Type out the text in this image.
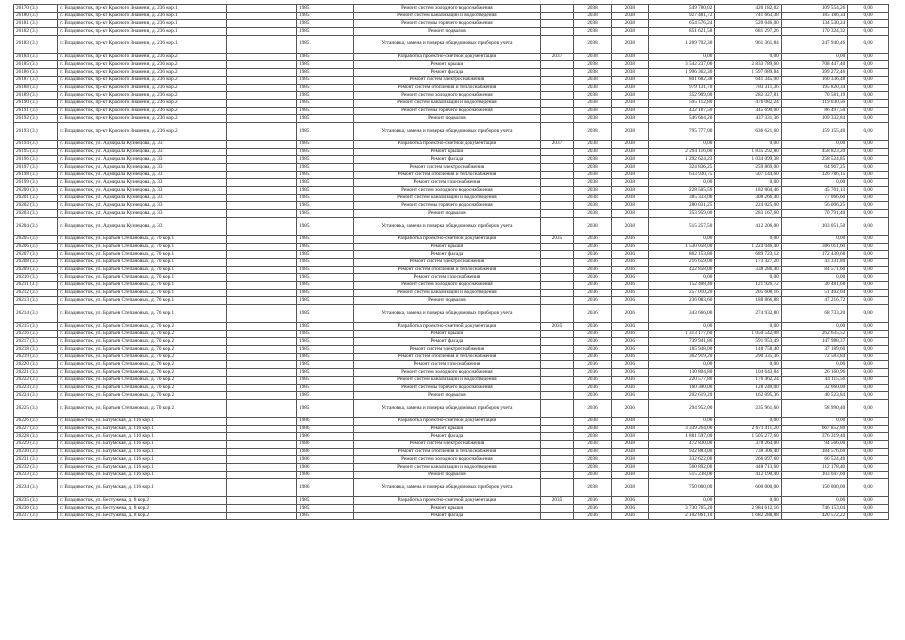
26170 (3.)	г. Владивосток, пр-кт Красного Знамени, д. 236 кор.1		1985	Ремонт систем холодного водоснабжения		2038	2038	549 780,02	420 182,02	109 554,26	0,00
26180 (3.)	г. Владивосток, пр-кт Красного Знамени, д. 236 кор.1		1985	Ремонт систем канализации и водоотведения		2038	2038	927 481,72	741 663,38	185 186,34	0,00
26181 (3.)	г. Владивосток, пр-кт Красного Знамени, д. 236 кор.1		1985	Ремонт системы горячего водоснабжения		2038	2038	654 576,24	520 046,00	134 530,24	0,00
26182 (3.)	г. Владивосток, пр-кт Красного Знамени, д. 236 кор.1		1985	Ремонт подвалов		2038	2038	851 621,58	681 297,26	170 324,32	0,00
26183 (3.)	г. Владивосток, пр-кт Красного Знамени, д. 236 кор.1		1985	Установка, замена и поверка общедомовых приборов учета		2038	2038	1 209 702,30	961 361,84	247 940,46	0,00
26184 (3.)	г. Владивосток, пр-кт Красного Знамени, д. 236 кор.2		1985	Разработка проектно-сметной документации	2037	2038	2038	0,00	0,00	0,00	0,00
26185 (3.)	г. Владивосток, пр-кт Красного Знамени, д. 236 кор.2		1985	Ремонт крыши		2038	2038	3 542 237,00	2 833 789,60	708 447,40	0,00
26186 (3.)	г. Владивосток, пр-кт Красного Знамени, д. 236 кор.2		1985	Ремонт фасада		2038	2038	1 996 362,30	1 597 089,84	399 272,46	0,00
26187 (3.)	г. Владивосток, пр-кт Красного Знамени, д. 236 кор.2		1985	Ремонт систем электроснабжения		2038	2038	801 682,38	641 345,90	160 336,48	0,00
26188 (3.)	г. Владивосток, пр-кт Красного Знамени, д. 236 кор.2		1985	Ремонт систем отопления и теплоснабжения		2038	2038	979 131,70	783 311,36	195 820,34	0,00
26189 (3.)	г. Владивосток, пр-кт Красного Знамени, д. 236 кор.2		1985	Ремонт систем холодного водоснабжения		2038	2038	352 909,00	282 327,81	70 581,19	0,00
26190 (3.)	г. Владивосток, пр-кт Красного Знамени, д. 236 кор.2		1985	Ремонт систем канализации и водоотведения		2038	2038	595 112,80	476 082,24	119 030,56	0,00
26191 (3.)	г. Владивосток, пр-кт Красного Знамени, д. 236 кор.2		1985	Ремонт системы горячего водоснабжения		2038	2038	432 187,50	345 690,00	86 497,50	0,00
26192 (3.)	г. Владивосток, пр-кт Красного Знамени, д. 236 кор.2		1985	Ремонт подвалов		2038	2038	546 664,20	437 331,36	109 332,84	0,00
26193 (3.)	г. Владивосток, пр-кт Красного Знамени, д. 236 кор.2		1985	Установка, замена и поверка общедомовых приборов учета		2038	2038	795 777,00	636 621,60	159 155,40	0,00
26194 (3.)	г. Владивосток, ул. Адмирала Кузнецова, д. 33		1985	Разработка проектно-сметной документации	2037	2038	2038	0,00	0,00	0,00	0,00
26195 (3.)	г. Владивосток, ул. Адмирала Кузнецова, д. 33		1985	Ремонт крыши		2038	2038	2 294 116,00	1 835 292,80	458 823,20	0,00
26196 (3.)	г. Владивосток, ул. Адмирала Кузнецова, д. 33		1985	Ремонт фасада		2038	2038	1 292 624,23	1 034 099,38	258 524,85	0,00
26197 (3.)	г. Владивосток, ул. Адмирала Кузнецова, д. 33		1985	Ремонт систем электроснабжения		2038	2038	324 836,25	259 869,00	64 967,25	0,00
26198 (3.)	г. Владивосток, ул. Адмирала Кузнецова, д. 33		1985	Ремонт систем отопления и теплоснабжения		2038	2038	633 930,75	507 144,60	126 786,15	0,00
26199 (3.)	г. Владивосток, ул. Адмирала Кузнецова, д. 33		1985	Ремонт систем газоснабжения		2038	2038	0,00	0,00	0,00	0,00
26200 (3.)	г. Владивосток, ул. Адмирала Кузнецова, д. 33		1985	Ремонт систем холодного водоснабжения		2038	2038	228 505,59	182 804,46	45 701,13	0,00
26201 (3.)	г. Владивосток, ул. Адмирала Кузнецова, д. 33		1985	Ремонт систем канализации и водоотведения		2038	2038	385 333,00	308 266,40	77 066,60	0,00
26202 (3.)	г. Владивосток, ул. Адмирала Кузнецова, д. 33		1985	Ремонт системы горячего водоснабжения		2038	2038	280 031,25	224 025,00	56 006,25	0,00
26203 (3.)	г. Владивосток, ул. Адмирала Кузнецова, д. 33		1985	Ремонт подвалов		2038	2038	353 959,00	283 167,60	70 791,40	0,00
26204 (3.)	г. Владивосток, ул. Адмирала Кузнецова, д. 33		1985	Установка, замена и поверка общедомовых приборов учета		2038	2038	515 257,50	412 206,00	103 051,50	0,00
26205 (3.)	г. Владивосток, ул. Братьев Степановых, д. 70 кор.1		1985	Разработка проектно-сметной документации	2035	2036	2036	0,00	0,00	0,00	0,00
26206 (3.)	г. Владивосток, ул. Братьев Степановых, д. 70 кор.1		1985	Ремонт крыши		2036	2036	1 530 058,00	1 224 046,40	306 011,60	0,00
26207 (3.)	г. Владивосток, ул. Братьев Степановых, д. 70 кор.1		1985	Ремонт фасада		2036	2036	862 153,80	689 723,12	172 430,68	0,00
26208 (3.)	г. Владивосток, ул. Братьев Степановых, д. 70 кор.1		1985	Ремонт систем электроснабжения		2036	2036	216 659,00	173 327,20	43 331,80	0,00
26209 (3.)	г. Владивосток, ул. Братьев Степановых, д. 70 кор.1		1985	Ремонт систем отопления и теплоснабжения		2036	2036	422 858,00	338 286,40	84 571,60	0,00
26210 (3.)	г. Владивосток, ул. Братьев Степановых, д. 70 кор.1		1985	Ремонт систем газоснабжения		2036	2036	0,00	0,00	0,00	0,00
26211 (3.)	г. Владивосток, ул. Братьев Степановых, д. 70 кор.1		1985	Ремонт систем холодного водоснабжения		2036	2036	152 408,40	121 926,72	30 481,68	0,00
26212 (3.)	г. Владивосток, ул. Братьев Степановых, д. 70 кор.1		1985	Ремонт систем канализации и водоотведения		2036	2036	257 010,20	205 608,16	51 402,04	0,00
26213 (3.)	г. Владивосток, ул. Братьев Степановых, д. 70 кор.1		1985	Ремонт подвалов		2036	2036	236 083,60	188 866,88	47 216,72	0,00
26214 (3.)	г. Владивосток, ул. Братьев Степановых, д. 70 кор.1		1985	Установка, замена и поверка общедомовых приборов учета		2036	2036	343 666,00	274 932,80	68 733,20	0,00
26215 (3.)	г. Владивосток, ул. Братьев Степановых, д. 70 кор.2		1985	Разработка проектно-сметной документации	2035	2036	2036	0,00	0,00	0,00	0,00
26216 (3.)	г. Владивосток, ул. Братьев Степановых, д. 70 кор.2		1985	Ремонт крыши		2036	2036	1 313 177,60	1 050 542,08	262 635,52	0,00
26217 (3.)	г. Владивосток, ул. Братьев Степановых, д. 70 кор.2		1985	Ремонт фасада		2036	2036	739 941,86	591 953,49	147 988,37	0,00
26218 (3.)	г. Владивосток, ул. Братьев Степановых, д. 70 кор.2		1985	Ремонт систем электроснабжения		2036	2036	185 948,00	148 758,40	37 189,60	0,00
26219 (3.)	г. Владивосток, ул. Братьев Степановых, д. 70 кор.2		1985	Ремонт систем отопления и теплоснабжения		2036	2036	362 919,20	290 335,36	72 583,84	0,00
26220 (3.)	г. Владивосток, ул. Братьев Степановых, д. 70 кор.2		1985	Ремонт систем газоснабжения		2036	2036	0,00	0,00	0,00	0,00
26221 (3.)	г. Владивосток, ул. Братьев Степановых, д. 70 кор.2		1985	Ремонт систем холодного водоснабжения		2036	2036	130 804,80	104 643,84	26 160,96	0,00
26222 (3.)	г. Владивосток, ул. Братьев Степановых, д. 70 кор.2		1985	Ремонт систем канализации и водоотведения		2036	2036	220 577,80	176 462,24	44 115,56	0,00
26223 (3.)	г. Владивосток, ул. Братьев Степановых, д. 70 кор.2		1985	Ремонт системы горячего водоснабжения		2036	2036	160 300,00	128 240,00	32 060,00	0,00
26224 (3.)	г. Владивосток, ул. Братьев Степановых, д. 70 кор.2		1985	Ремонт подвалов		2036	2036	202 619,20	162 095,36	40 523,84	0,00
26225 (3.)	г. Владивосток, ул. Братьев Степановых, д. 70 кор.2		1985	Установка, замена и поверка общедомовых приборов учета		2036	2036	294 952,00	235 961,60	58 990,40	0,00
26226 (3.)	г. Владивосток, ул. Батумская, д. 116 кор.1		1986	Разработка проектно-сметной документации		2038	2038	0,00	0,00	0,00	0,00
26227 (3.)	г. Владивосток, ул. Батумская, д. 116 кор.1		1986	Ремонт крыши		2038	2038	3 339 264,00	2 671 411,20	667 852,80	0,00
26228 (3.)	г. Владивосток, ул. Батумская, д. 116 кор.1		1986	Ремонт фасада		2038	2038	1 881 597,00	1 505 277,60	376 319,40	0,00
26229 (3.)	г. Владивосток, ул. Батумская, д. 116 кор.1		1986	Ремонт систем электроснабжения		2038	2038	472 830,00	378 264,00	94 566,00	0,00
26230 (3.)	г. Владивосток, ул. Батумская, д. 116 кор.1		1986	Ремонт систем отопления и теплоснабжения		2038	2038	922 883,00	738 306,40	184 576,60	0,00
26231 (3.)	г. Владивосток, ул. Батумская, д. 116 кор.1		1986	Ремонт систем холодного водоснабжения		2038	2038	332 622,00	266 097,60	66 524,40	0,00
26232 (3.)	г. Владивосток, ул. Батумская, д. 116 кор.1		1986	Ремонт систем канализации и водоотведения		2038	2038	560 892,00	448 713,60	112 178,40	0,00
26233 (3.)	г. Владивосток, ул. Батумская, д. 116 кор.1		1986	Ремонт подвалов		2038	2038	515 238,00	412 190,40	103 047,60	0,00
26234 (3.)	г. Владивосток, ул. Батумская, д. 116 кор.1		1986	Установка, замена и поверка общедомовых приборов учета		2038	2038	750 000,00	600 000,00	150 000,00	0,00
26235 (3.)	г. Владивосток, ул. Бестужева, д. 8 кор.2		1985	Разработка проектно-сметной документации	2035	2036	2036	0,00	0,00	0,00	0,00
26236 (3.)	г. Владивосток, ул. Бестужева, д. 8 кор.2		1985	Ремонт крыши		2036	2036	3 730 765,20	2 984 612,16	746 153,04	0,00
26237 (3.)	г. Владивосток, ул. Бестужева, д. 8 кор.2		1985	Ремонт фасада		2036	2036	2 102 861,10	1 682 288,88	420 572,22	0,00
